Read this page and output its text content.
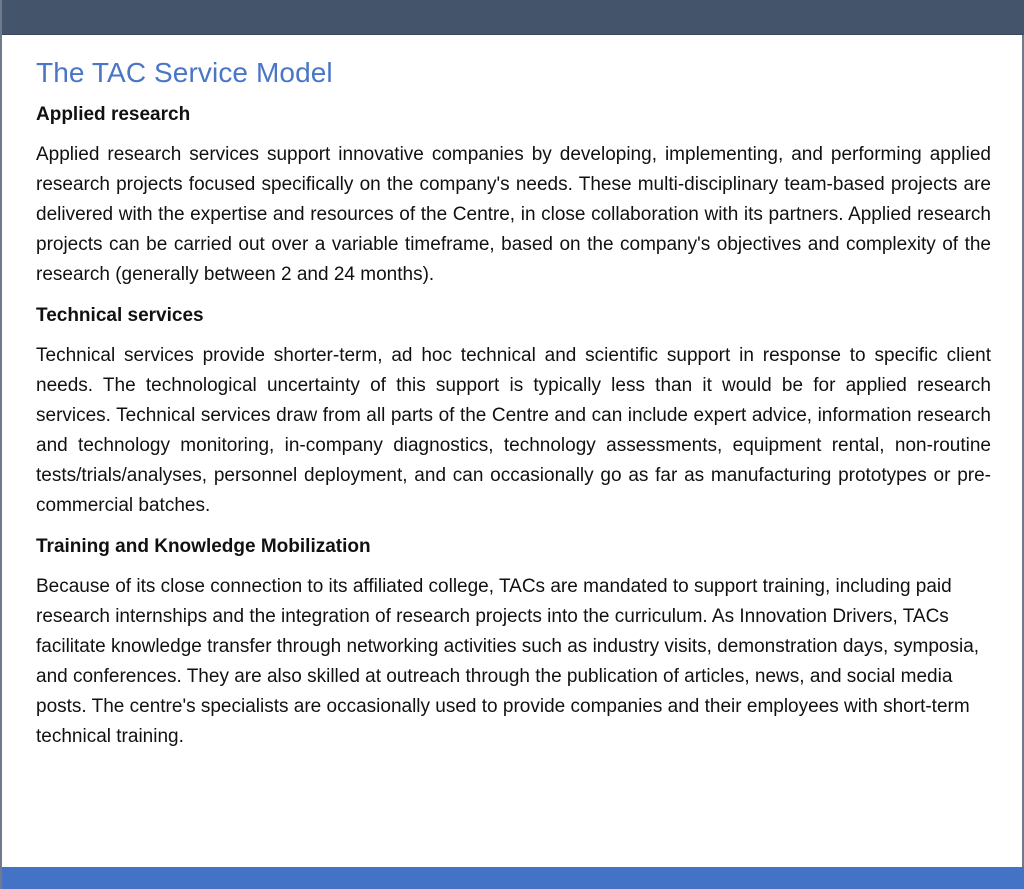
The TAC Service Model
Applied research

Applied research services support innovative companies by developing, implementing, and performing applied research projects focused specifically on the company's needs. These multi-disciplinary team-based projects are delivered with the expertise and resources of the Centre, in close collaboration with its partners. Applied research projects can be carried out over a variable timeframe, based on the company's objectives and complexity of the research (generally between 2 and 24 months).

Technical services

Technical services provide shorter-term, ad hoc technical and scientific support in response to specific client needs. The technological uncertainty of this support is typically less than it would be for applied research services. Technical services draw from all parts of the Centre and can include expert advice, information research and technology monitoring, in-company diagnostics, technology assessments, equipment rental, non-routine tests/trials/analyses, personnel deployment, and can occasionally go as far as manufacturing prototypes or pre-commercial batches.

Training and Knowledge Mobilization

Because of its close connection to its affiliated college, TACs are mandated to support training, including paid research internships and the integration of research projects into the curriculum. As Innovation Drivers, TACs facilitate knowledge transfer through networking activities such as industry visits, demonstration days, symposia, and conferences. They are also skilled at outreach through the publication of articles, news, and social media posts. The centre's specialists are occasionally used to provide companies and their employees with short-term technical training.
